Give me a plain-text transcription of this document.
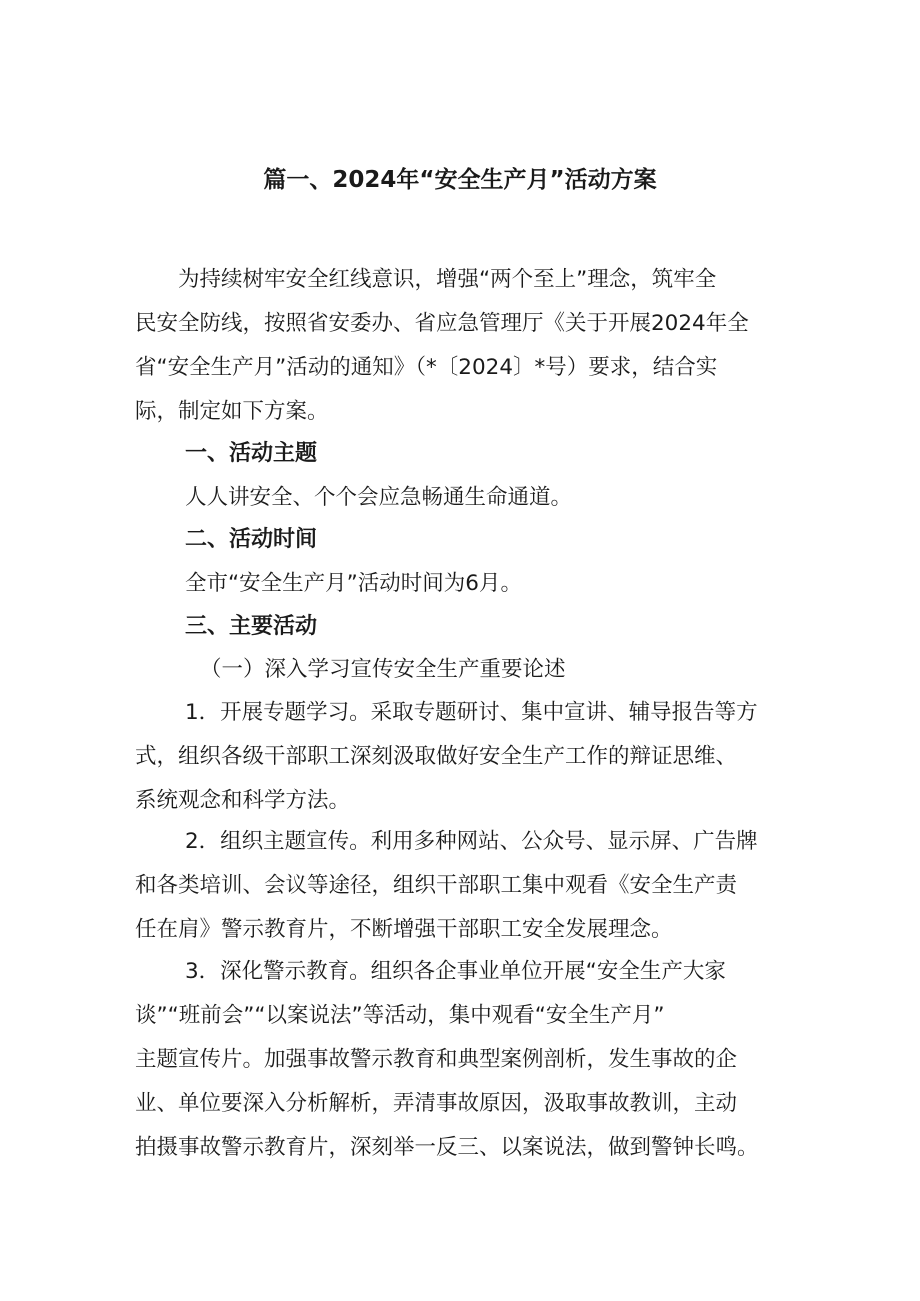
篇一、2024年“安全生产月”活动方案
为持续树牢安全红线意识，增强“两个至上”理念，筑牢全
民安全防线，按照省安委办、省应急管理厅《关于开展2024年全
省“安全生产月”活动的通知》（*〔2024〕*号）要求，结合实
际，制定如下方案。
一、活动主题
人人讲安全、个个会应急畅通生命通道。
二、活动时间
全市“安全生产月”活动时间为6月。
三、主要活动
（一）深入学习宣传安全生产重要论述
1．开展专题学习。采取专题研讨、集中宣讲、辅导报告等方
式，组织各级干部职工深刻汲取做好安全生产工作的辩证思维、
系统观念和科学方法。
2．组织主题宣传。利用多种网站、公众号、显示屏、广告牌
和各类培训、会议等途径，组织干部职工集中观看《安全生产责
任在肩》警示教育片，不断增强干部职工安全发展理念。
3．深化警示教育。组织各企事业单位开展“安全生产大家
谈”“班前会”“以案说法”等活动，集中观看“安全生产月”
主题宣传片。加强事故警示教育和典型案例剖析，发生事故的企
业、单位要深入分析解析，弄清事故原因，汲取事故教训，主动
拍摄事故警示教育片，深刻举一反三、以案说法，做到警钟长鸣。
